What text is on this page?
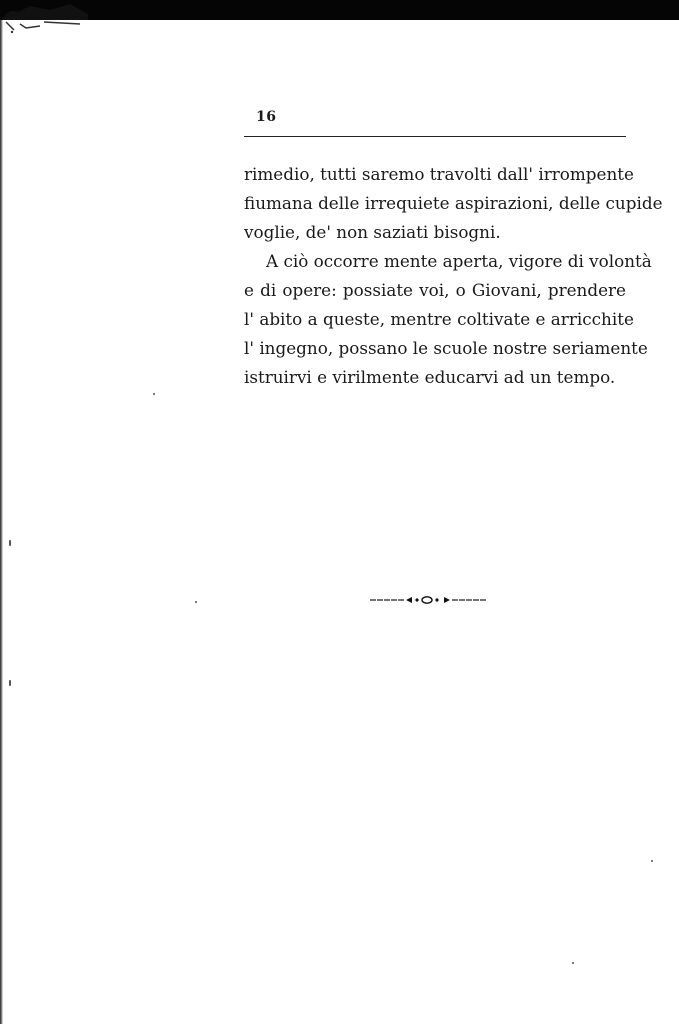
16
rimedio, tutti saremo travolti dall' irrompente
fiumana delle irrequiete aspirazioni, delle cupide
voglie, de' non saziati bisogni.
A ciò occorre mente aperta, vigore di volontà
e di opere: possiate voi, o Giovani, prendere
l' abito a queste, mentre coltivate e arricchite
l' ingegno, possano le scuole nostre seriamente
istruirvi e virilmente educarvi ad un tempo.
